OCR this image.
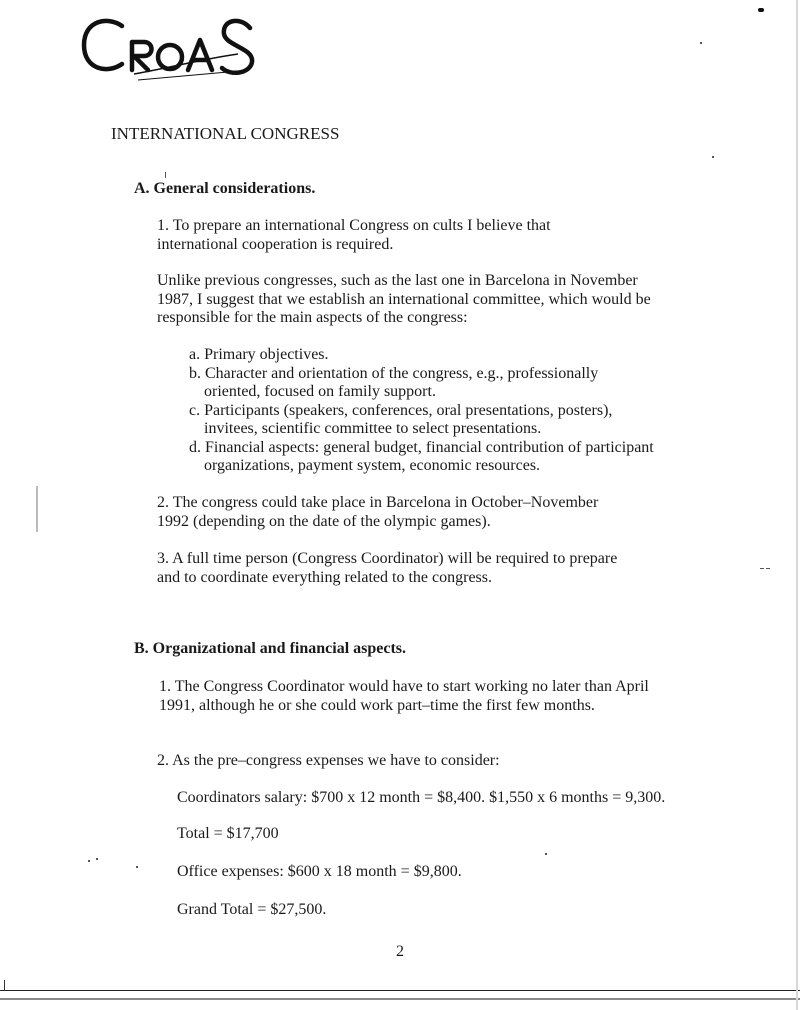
INTERNATIONAL CONGRESS
A. General considerations.
1. To prepare an international Congress on cults I believe that
international cooperation is required.
Unlike previous congresses, such as the last one in Barcelona in November
1987, I suggest that we establish an international committee, which would be
responsible for the main aspects of the congress:
a. Primary objectives.
b. Character and orientation of the congress, e.g., professionally
oriented, focused on family support.
c. Participants (speakers, conferences, oral presentations, posters),
invitees, scientific committee to select presentations.
d. Financial aspects: general budget, financial contribution of participant
organizations, payment system, economic resources.
2. The congress could take place in Barcelona in October–November
1992 (depending on the date of the olympic games).
3. A full time person (Congress Coordinator) will be required to prepare
and to coordinate everything related to the congress.
B. Organizational and financial aspects.
1. The Congress Coordinator would have to start working no later than April
1991, although he or she could work part–time the first few months.
2. As the pre–congress expenses we have to consider:
Coordinators salary: $700 x 12 month = $8,400. $1,550 x 6 months = 9,300.
Total = $17,700
Office expenses: $600 x 18 month = $9,800.
Grand Total = $27,500.
2
